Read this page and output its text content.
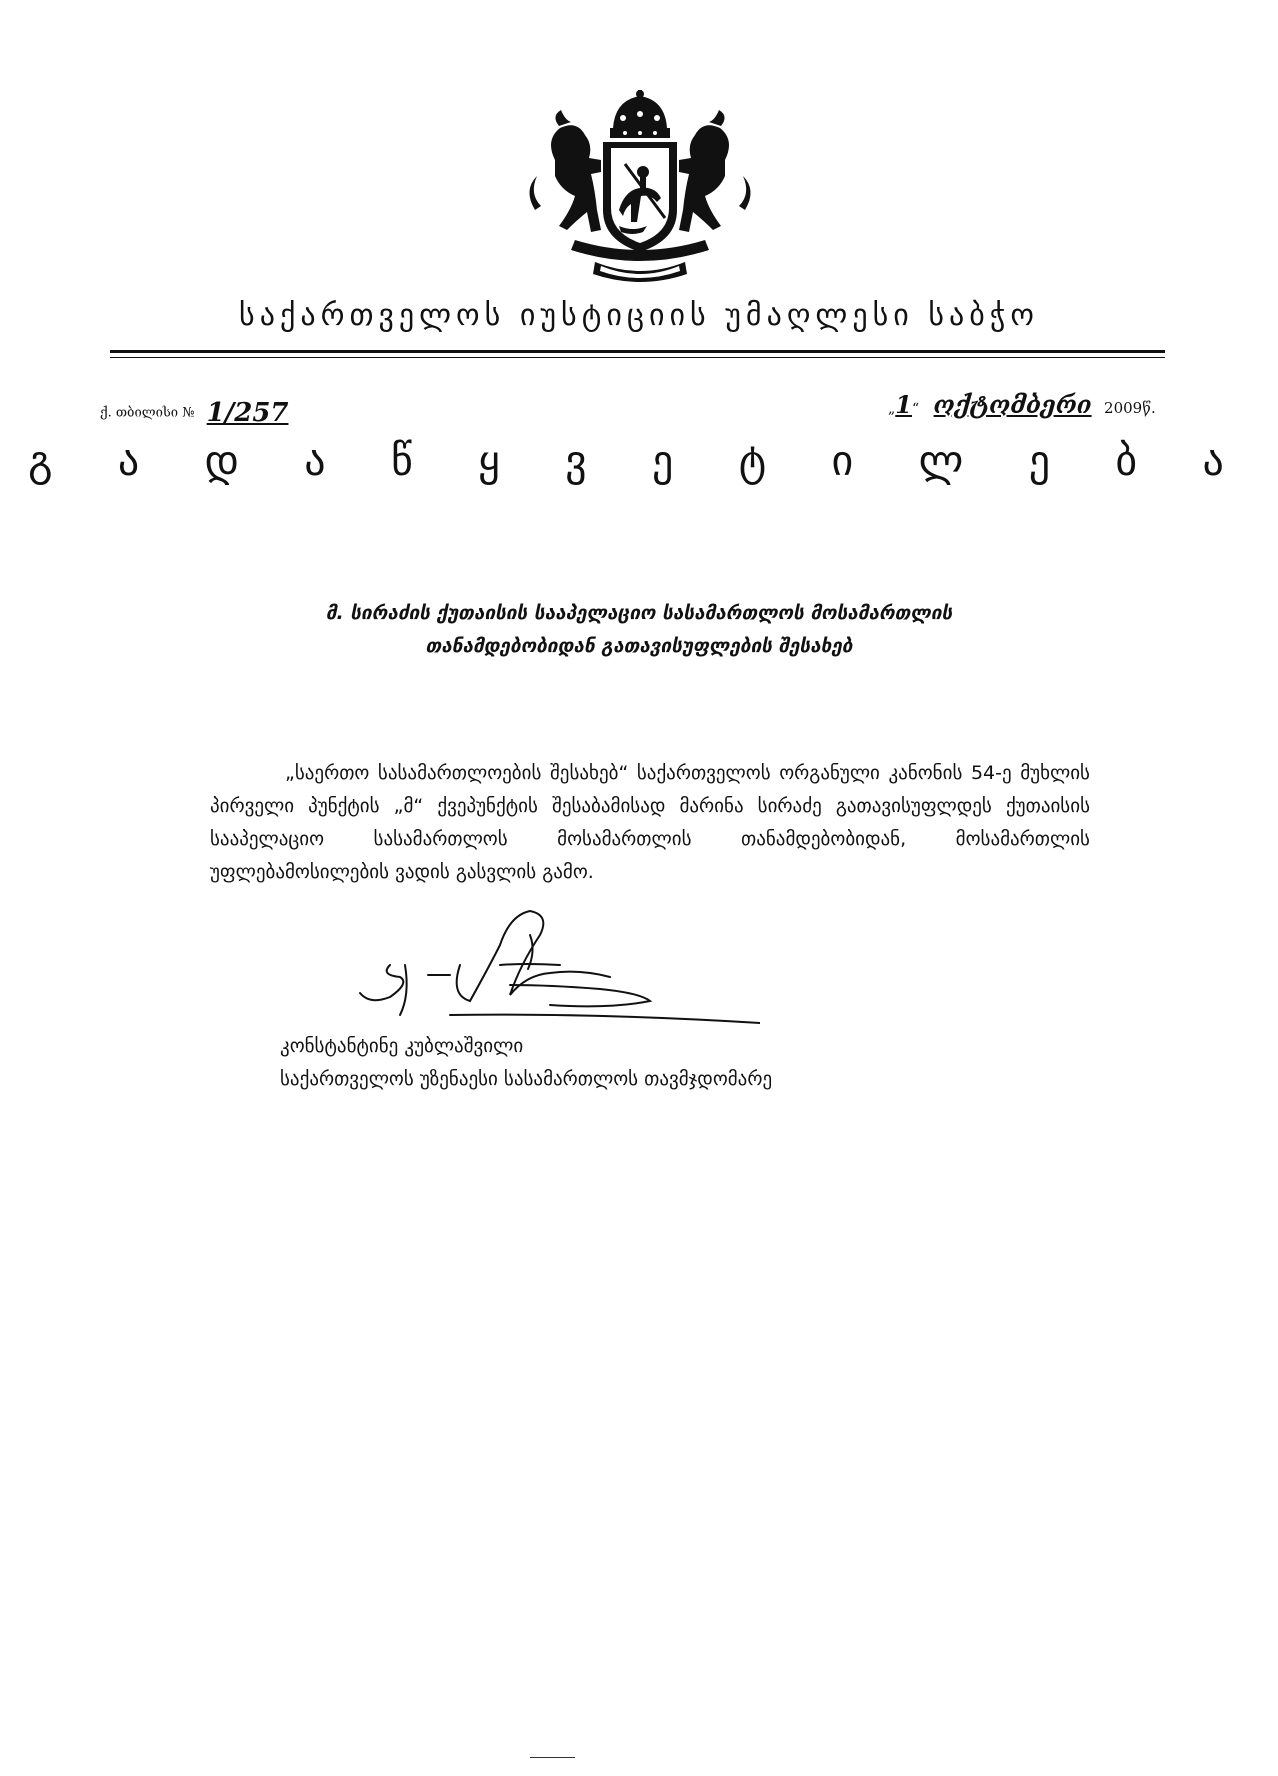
საქართველოს იუსტიციის უმაღლესი საბჭო
ქ. თბილისი № 1/257	„1“ ოქტომბერი 2009წ.
გ ა დ ა წ ყ ვ ე ტ ი ლ ე ბ ა
მ. სირაძის ქუთაისის სააპელაციო სასამართლოს მოსამართლის
თანამდებობიდან გათავისუფლების შესახებ
„საერთო სასამართლოების შესახებ“ საქართველოს ორგანული კანონის 54-ე მუხლის პირველი პუნქტის „მ“ ქვეპუნქტის შესაბამისად მარინა სირაძე გათავისუფლდეს ქუთაისის სააპელაციო სასამართლოს მოსამართლის თანამდებობიდან, მოსამართლის უფლებამოსილების ვადის გასვლის გამო.
კონსტანტინე კუბლაშვილი
საქართველოს უზენაესი სასამართლოს თავმჯდომარე
